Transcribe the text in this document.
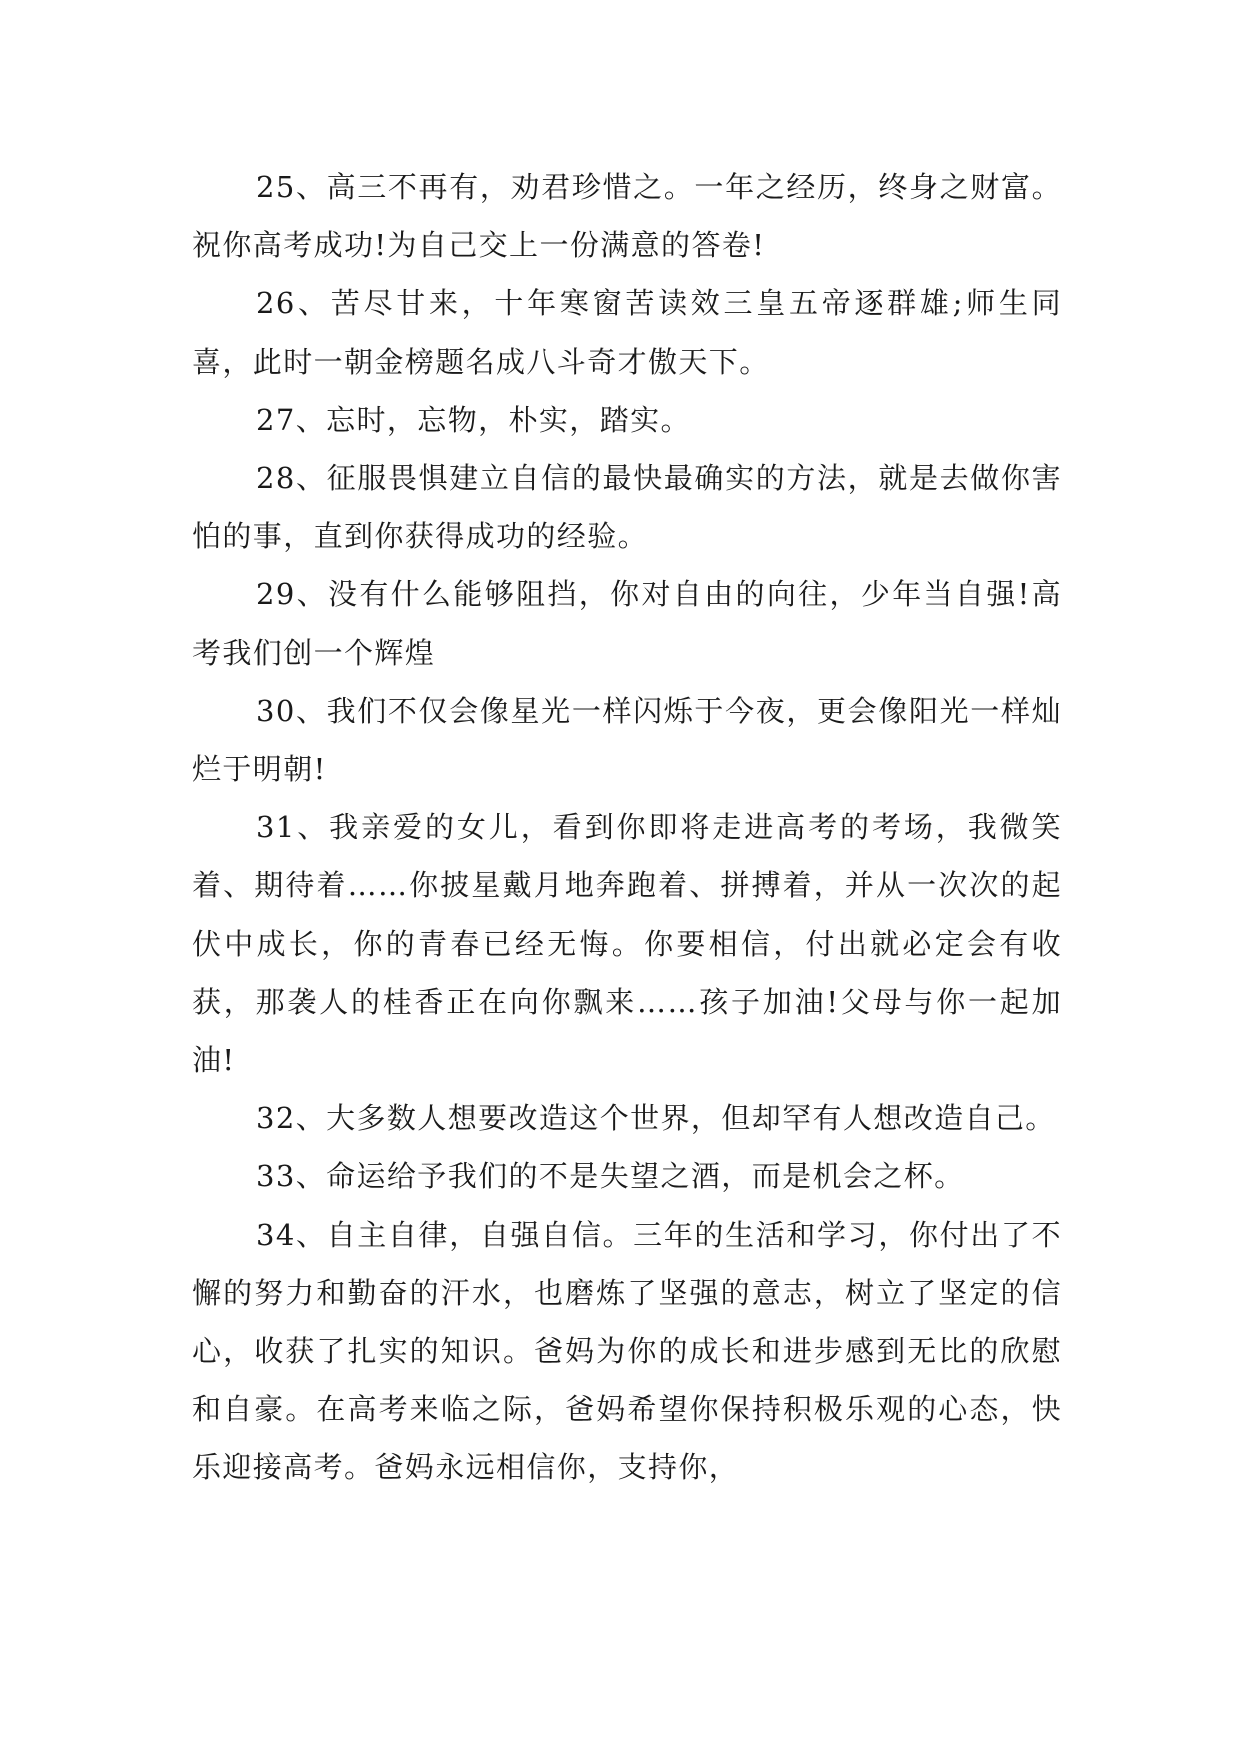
25、高三不再有，劝君珍惜之。一年之经历，终身之财富。祝你高考成功!为自己交上一份满意的答卷!

26、苦尽甘来，十年寒窗苦读效三皇五帝逐群雄;师生同喜，此时一朝金榜题名成八斗奇才傲天下。

27、忘时，忘物，朴实，踏实。

28、征服畏惧建立自信的最快最确实的方法，就是去做你害怕的事，直到你获得成功的经验。

29、没有什么能够阻挡，你对自由的向往，少年当自强!高考我们创一个辉煌

30、我们不仅会像星光一样闪烁于今夜，更会像阳光一样灿烂于明朝!

31、我亲爱的女儿，看到你即将走进高考的考场，我微笑着、期待着……你披星戴月地奔跑着、拼搏着，并从一次次的起伏中成长，你的青春已经无悔。你要相信，付出就必定会有收获，那袭人的桂香正在向你飘来……孩子加油!父母与你一起加油!

32、大多数人想要改造这个世界，但却罕有人想改造自己。

33、命运给予我们的不是失望之酒，而是机会之杯。

34、自主自律，自强自信。三年的生活和学习，你付出了不懈的努力和勤奋的汗水，也磨炼了坚强的意志，树立了坚定的信心，收获了扎实的知识。爸妈为你的成长和进步感到无比的欣慰和自豪。在高考来临之际，爸妈希望你保持积极乐观的心态，快乐迎接高考。爸妈永远相信你，支持你，
